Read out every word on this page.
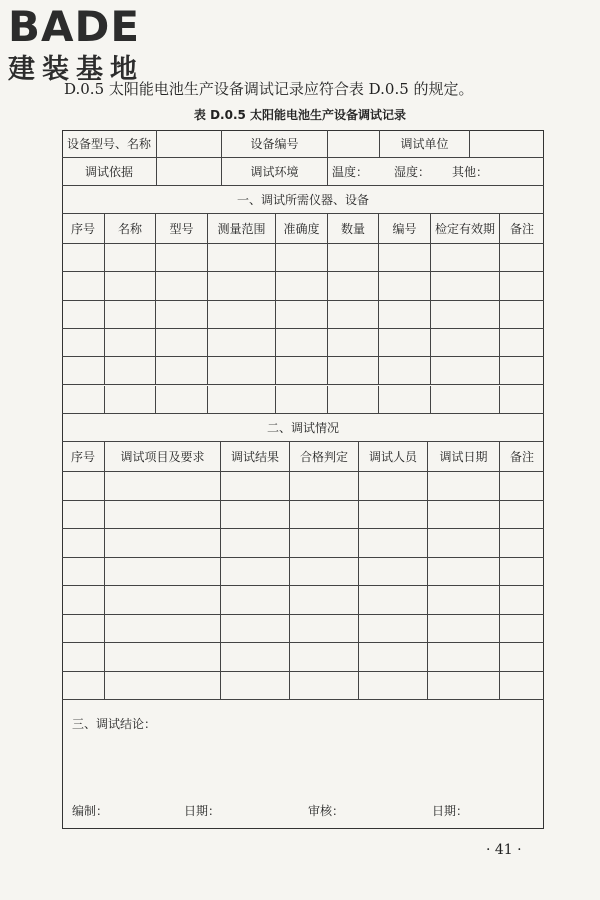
BADE
建装基地
D.0.5 太阳能电池生产设备调试记录应符合表 D.0.5 的规定。
表 D.0.5 太阳能电池生产设备调试记录
设备型号、名称	设备编号	调试单位
调试依据	调试环境	温度： 湿度： 其他：
一、调试所需仪器、设备
序号	名称	型号	测量范围	准确度	数量	编号	检定有效期	备注
二、调试情况
序号	调试项目及要求	调试结果	合格判定	调试人员	调试日期	备注
三、调试结论：
编制：	日期：	审核：	日期：
· 41 ·
